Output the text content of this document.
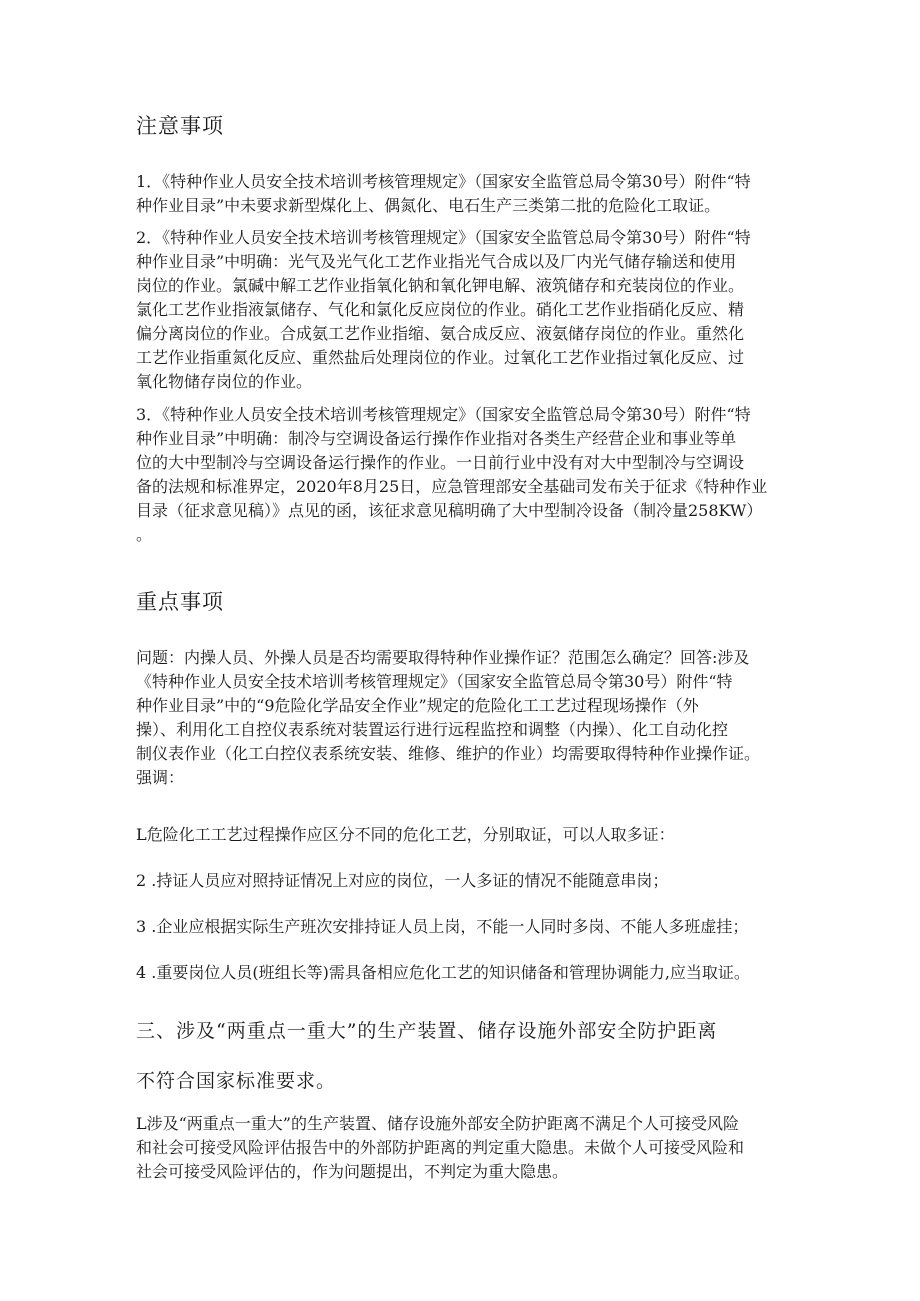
注意事项
1．《特种作业人员安全技术培训考核管理规定》（国家安全监管总局令第30号）附件“特
种作业目录”中未要求新型煤化上、偶氮化、电石生产三类第二批的危险化工取证。
2．《特种作业人员安全技术培训考核管理规定》（国家安全监管总局令第30号）附件“特
种作业目录”中明确：光气及光气化工艺作业指光气合成以及厂内光气储存输送和使用
岗位的作业。氯碱中解工艺作业指氧化钠和氧化钾电解、液筑储存和充装岗位的作业。
氯化工艺作业指液氯储存、气化和氯化反应岗位的作业。硝化工艺作业指硝化反应、精
偏分离岗位的作业。合成氨工艺作业指缩、氨合成反应、液氨储存岗位的作业。重然化
工艺作业指重氮化反应、重然盐后处理岗位的作业。过氧化工艺作业指过氧化反应、过
氧化物储存岗位的作业。
3．《特种作业人员安全技术培训考核管理规定》（国家安全监管总局令第30号）附件“特
种作业目录”中明确：制冷与空调设备运行操作作业指对各类生产经营企业和事业等单
位的大中型制冷与空调设备运行操作的作业。一日前行业中没有对大中型制冷与空调设
备的法规和标准界定，2020年8月25日，应急管理部安全基础司发布关于征求《特种作业
目录（征求意见稿）》点见的函，该征求意见稿明确了大中型制冷设备（制冷量258KW）
。
重点事项
问题：内操人员、外操人员是否均需要取得特种作业操作证？范围怎么确定？回答:涉及
《特种作业人员安全技术培训考核管理规定》（国家安全监管总局令第30号）附件“特
种作业目录”中的“9危险化学品安全作业”规定的危险化工工艺过程现场操作（外
操）、利用化工自控仪表系统对装置运行进行远程监控和调整（内操）、化工自动化控
制仪表作业（化工白控仪表系统安装、维修、维护的作业）均需要取得特种作业操作证。
强调：
L危险化工工艺过程操作应区分不同的危化工艺，分别取证，可以人取多证：
2 .持证人员应对照持证情况上对应的岗位，一人多证的情况不能随意串岗；
3 .企业应根据实际生产班次安排持证人员上岗，不能一人同时多岗、不能人多班虚挂；
4 .重要岗位人员(班组长等)需具备相应危化工艺的知识储备和管理协调能力,应当取证。
三、涉及“两重点一重大”的生产装置、储存设施外部安全防护距离
不符合国家标准要求。
L涉及“两重点一重大”的生产装置、储存设施外部安全防护距离不满足个人可接受风险
和社会可接受风险评估报告中的外部防护距离的判定重大隐患。未做个人可接受风险和
社会可接受风险评估的，作为问题提出，不判定为重大隐患。
